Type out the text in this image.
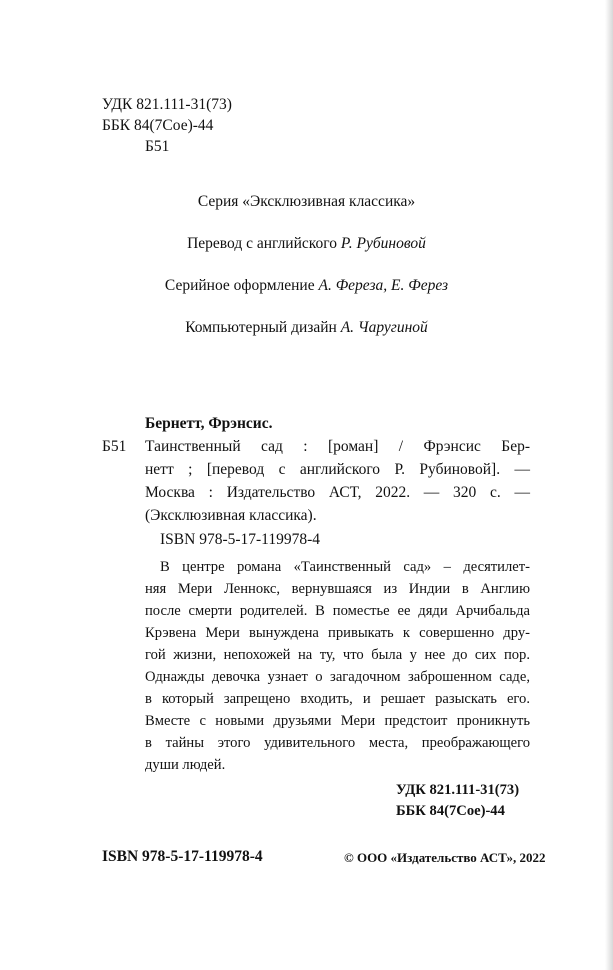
УДК 821.111-31(73)
ББК 84(7Сое)-44
Б51
Серия «Эксклюзивная классика»
Перевод с английского Р. Рубиновой
Серийное оформление А. Фереза, Е. Ферез
Компьютерный дизайн А. Чаругиной
Бернетт, Фрэнсис.
Б51 Таинственный сад : [роман] / Фрэнсис Бер-
нетт ; [перевод с английского Р. Рубиновой]. —
Москва : Издательство АСТ, 2022. — 320 с. —
(Эксклюзивная классика).
ISBN 978-5-17-119978-4
В центре романа «Таинственный сад» – десятилет-
няя Мери Леннокс, вернувшаяся из Индии в Англию
после смерти родителей. В поместье ее дяди Арчибальда
Крэвена Мери вынуждена привыкать к совершенно дру-
гой жизни, непохожей на ту, что была у нее до сих пор.
Однажды девочка узнает о загадочном заброшенном саде,
в который запрещено входить, и решает разыскать его.
Вместе с новыми друзьями Мери предстоит проникнуть
в тайны этого удивительного места, преображающего
души людей.
УДК 821.111-31(73)
ББК 84(7Сое)-44
ISBN 978-5-17-119978-4	© ООО «Издательство АСТ», 2022
